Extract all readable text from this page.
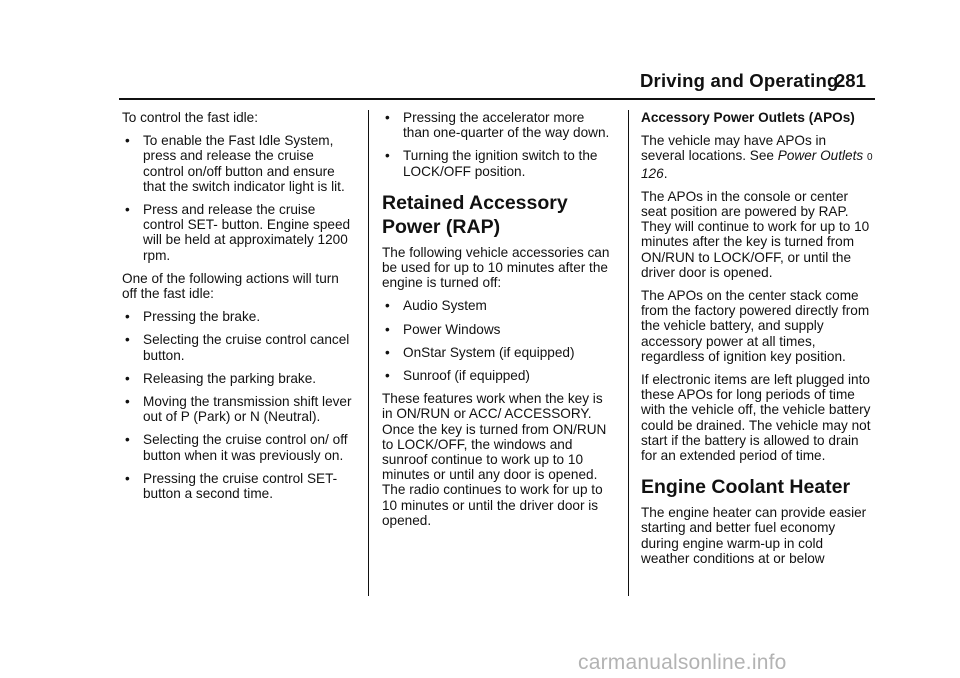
Driving and Operating
281

To control the fast idle:

• To enable the Fast Idle System, press and release the cruise control on/off button and ensure that the switch indicator light is lit.
• Press and release the cruise control SET- button. Engine speed will be held at approximately 1200 rpm.

One of the following actions will turn off the fast idle:

• Pressing the brake.
• Selecting the cruise control cancel button.
• Releasing the parking brake.
• Moving the transmission shift lever out of P (Park) or N (Neutral).
• Selecting the cruise control on/ off button when it was previously on.
• Pressing the cruise control SET- button a second time.
• Pressing the accelerator more than one-quarter of the way down.
• Turning the ignition switch to the LOCK/OFF position.
Retained Accessory Power (RAP)

The following vehicle accessories can be used for up to 10 minutes after the engine is turned off:

• Audio System
• Power Windows
• OnStar System (if equipped)
• Sunroof (if equipped)

These features work when the key is in ON/RUN or ACC/ ACCESSORY. Once the key is turned from ON/RUN to LOCK/OFF, the windows and sunroof continue to work up to 10 minutes or until any door is opened. The radio continues to work for up to 10 minutes or until the driver door is opened.

Accessory Power Outlets (APOs)

The vehicle may have APOs in several locations. See Power Outlets 0 126.

The APOs in the console or center seat position are powered by RAP. They will continue to work for up to 10 minutes after the key is turned from ON/RUN to LOCK/OFF, or until the driver door is opened.

The APOs on the center stack come from the factory powered directly from the vehicle battery, and supply accessory power at all times, regardless of ignition key position.

If electronic items are left plugged into these APOs for long periods of time with the vehicle off, the vehicle battery could be drained. The vehicle may not start if the battery is allowed to drain for an extended period of time.

Engine Coolant Heater

The engine heater can provide easier starting and better fuel economy during engine warm-up in cold weather conditions at or below

carmanualsonline.info
